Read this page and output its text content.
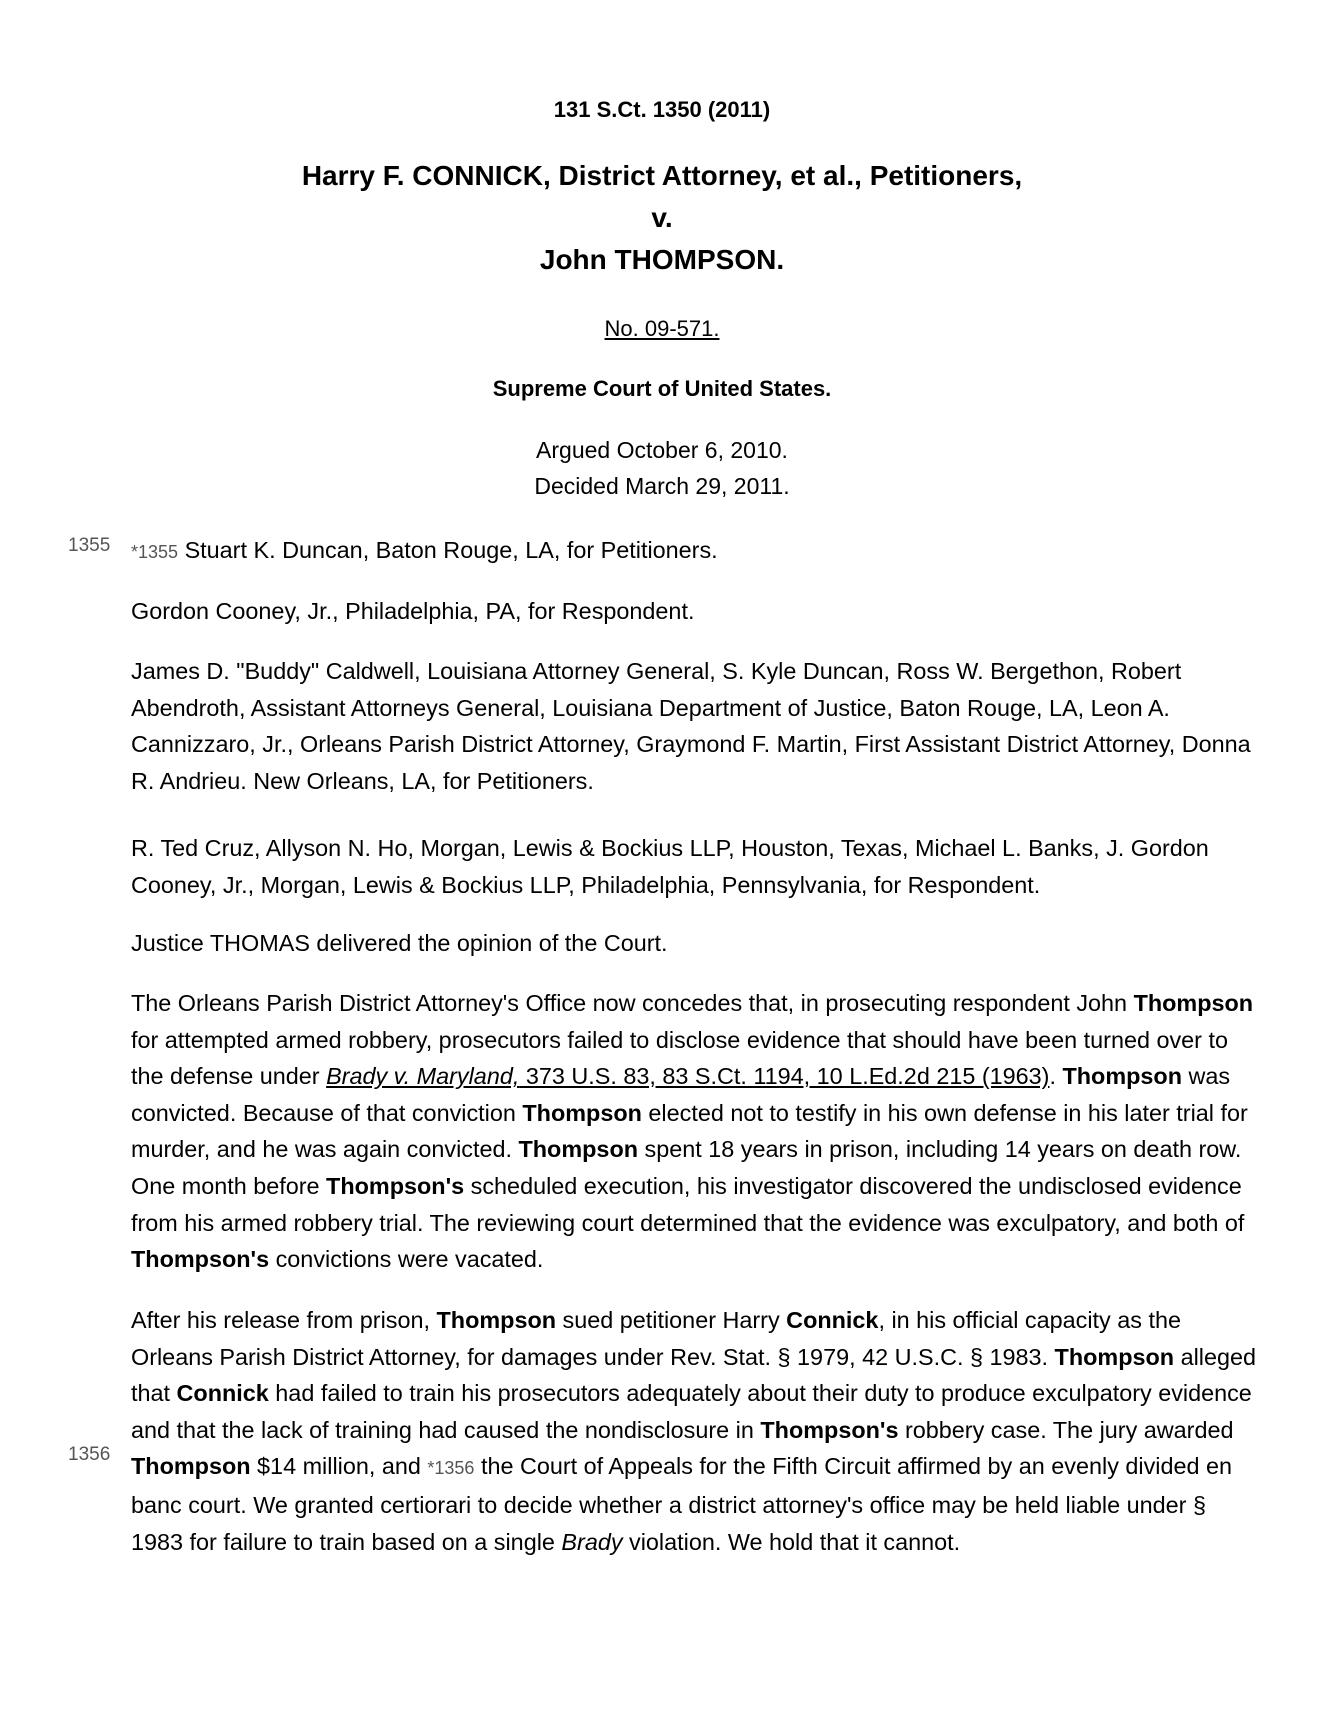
131 S.Ct. 1350 (2011)
Harry F. CONNICK, District Attorney, et al., Petitioners,
v.
John THOMPSON.
No. 09-571.
Supreme Court of United States.
Argued October 6, 2010.
Decided March 29, 2011.
1355
1356

*1355 Stuart K. Duncan, Baton Rouge, LA, for Petitioners.

Gordon Cooney, Jr., Philadelphia, PA, for Respondent.

James D. "Buddy" Caldwell, Louisiana Attorney General, S. Kyle Duncan, Ross W. Bergethon, Robert Abendroth, Assistant Attorneys General, Louisiana Department of Justice, Baton Rouge, LA, Leon A. Cannizzaro, Jr., Orleans Parish District Attorney, Graymond F. Martin, First Assistant District Attorney, Donna R. Andrieu. New Orleans, LA, for Petitioners.

R. Ted Cruz, Allyson N. Ho, Morgan, Lewis & Bockius LLP, Houston, Texas, Michael L. Banks, J. Gordon Cooney, Jr., Morgan, Lewis & Bockius LLP, Philadelphia, Pennsylvania, for Respondent.

Justice THOMAS delivered the opinion of the Court.

The Orleans Parish District Attorney's Office now concedes that, in prosecuting respondent John Thompson for attempted armed robbery, prosecutors failed to disclose evidence that should have been turned over to the defense under Brady v. Maryland, 373 U.S. 83, 83 S.Ct. 1194, 10 L.Ed.2d 215 (1963). Thompson was convicted. Because of that conviction Thompson elected not to testify in his own defense in his later trial for murder, and he was again convicted. Thompson spent 18 years in prison, including 14 years on death row. One month before Thompson's scheduled execution, his investigator discovered the undisclosed evidence from his armed robbery trial. The reviewing court determined that the evidence was exculpatory, and both of Thompson's convictions were vacated.

After his release from prison, Thompson sued petitioner Harry Connick, in his official capacity as the Orleans Parish District Attorney, for damages under Rev. Stat. § 1979, 42 U.S.C. § 1983. Thompson alleged that Connick had failed to train his prosecutors adequately about their duty to produce exculpatory evidence and that the lack of training had caused the nondisclosure in Thompson's robbery case. The jury awarded Thompson $14 million, and *1356 the Court of Appeals for the Fifth Circuit affirmed by an evenly divided en banc court. We granted certiorari to decide whether a district attorney's office may be held liable under § 1983 for failure to train based on a single Brady violation. We hold that it cannot.
